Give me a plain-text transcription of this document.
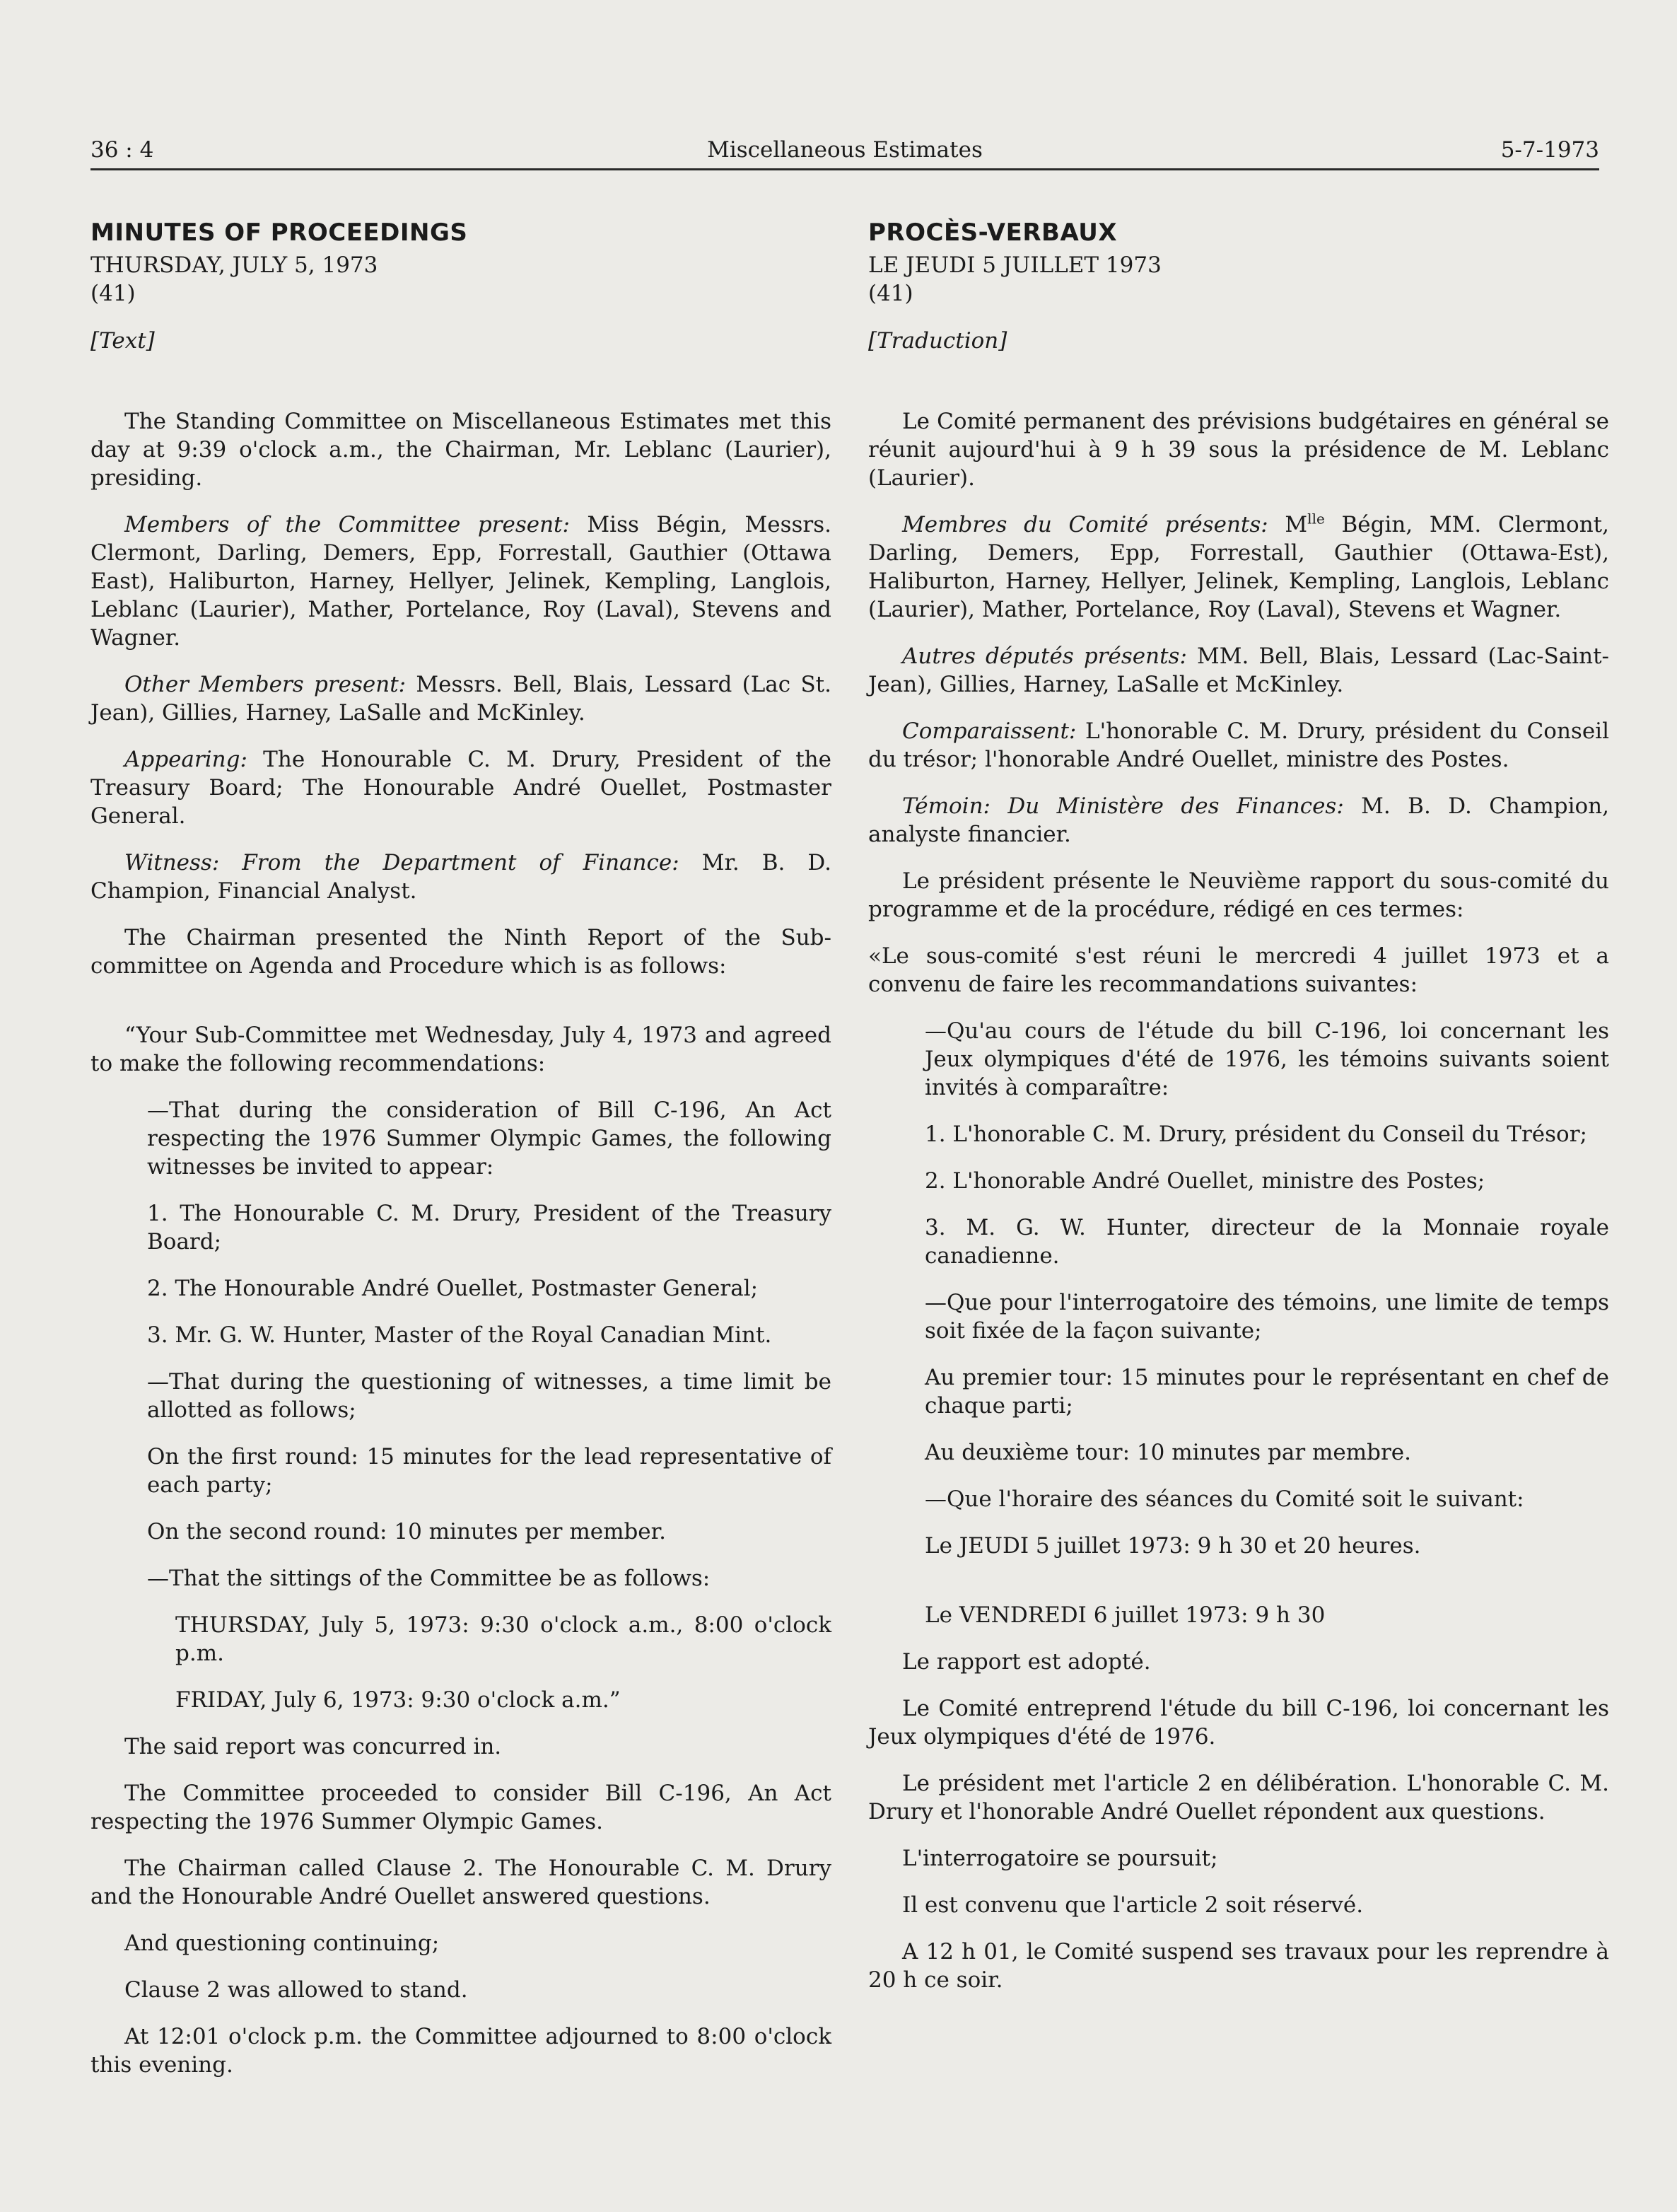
36 : 4	Miscellaneous Estimates	5-7-1973
MINUTES OF PROCEEDINGS
THURSDAY, JULY 5, 1973
(41)
[Text]

The Standing Committee on Miscellaneous Estimates met this day at 9:39 o'clock a.m., the Chairman, Mr. Leblanc (Laurier), presiding.

Members of the Committee present: Miss Bégin, Messrs. Clermont, Darling, Demers, Epp, Forrestall, Gauthier (Ottawa East), Haliburton, Harney, Hellyer, Jelinek, Kempling, Langlois, Leblanc (Laurier), Mather, Portelance, Roy (Laval), Stevens and Wagner.

Other Members present: Messrs. Bell, Blais, Lessard (Lac St. Jean), Gillies, Harney, LaSalle and McKinley.

Appearing: The Honourable C. M. Drury, President of the Treasury Board; The Honourable André Ouellet, Postmaster General.

Witness: From the Department of Finance: Mr. B. D. Champion, Financial Analyst.

The Chairman presented the Ninth Report of the Sub-committee on Agenda and Procedure which is as follows:

“Your Sub-Committee met Wednesday, July 4, 1973 and agreed to make the following recommendations:

—That during the consideration of Bill C-196, An Act respecting the 1976 Summer Olympic Games, the following witnesses be invited to appear:

1. The Honourable C. M. Drury, President of the Treasury Board;

2. The Honourable André Ouellet, Postmaster General;

3. Mr. G. W. Hunter, Master of the Royal Canadian Mint.

—That during the questioning of witnesses, a time limit be allotted as follows;

On the first round: 15 minutes for the lead representative of each party;

On the second round: 10 minutes per member.

—That the sittings of the Committee be as follows:

THURSDAY, July 5, 1973: 9:30 o'clock a.m., 8:00 o'clock p.m.

FRIDAY, July 6, 1973: 9:30 o'clock a.m.”

The said report was concurred in.

The Committee proceeded to consider Bill C-196, An Act respecting the 1976 Summer Olympic Games.

The Chairman called Clause 2. The Honourable C. M. Drury and the Honourable André Ouellet answered questions.

And questioning continuing;

Clause 2 was allowed to stand.

At 12:01 o'clock p.m. the Committee adjourned to 8:00 o'clock this evening.

PROCÈS-VERBAUX
LE JEUDI 5 JUILLET 1973
(41)
[Traduction]

Le Comité permanent des prévisions budgétaires en général se réunit aujourd'hui à 9 h 39 sous la présidence de M. Leblanc (Laurier).

Membres du Comité présents: $M^{lle}$ Bégin, MM. Clermont, Darling, Demers, Epp, Forrestall, Gauthier (Ottawa-Est), Haliburton, Harney, Hellyer, Jelinek, Kempling, Langlois, Leblanc (Laurier), Mather, Portelance, Roy (Laval), Stevens et Wagner.

Autres députés présents: MM. Bell, Blais, Lessard (Lac-Saint-Jean), Gillies, Harney, LaSalle et McKinley.

Comparaissent: L'honorable C. M. Drury, président du Conseil du trésor; l'honorable André Ouellet, ministre des Postes.

Témoin: Du Ministère des Finances: M. B. D. Champion, analyste financier.

Le président présente le Neuvième rapport du sous-comité du programme et de la procédure, rédigé en ces termes:

«Le sous-comité s'est réuni le mercredi 4 juillet 1973 et a convenu de faire les recommandations suivantes:

—Qu'au cours de l'étude du bill C-196, loi concernant les Jeux olympiques d'été de 1976, les témoins suivants soient invités à comparaître:

1. L'honorable C. M. Drury, président du Conseil du Trésor;

2. L'honorable André Ouellet, ministre des Postes;

3. M. G. W. Hunter, directeur de la Monnaie royale canadienne.

—Que pour l'interrogatoire des témoins, une limite de temps soit fixée de la façon suivante;

Au premier tour: 15 minutes pour le représentant en chef de chaque parti;

Au deuxième tour: 10 minutes par membre.

—Que l'horaire des séances du Comité soit le suivant:

Le JEUDI 5 juillet 1973: 9 h 30 et 20 heures.

Le VENDREDI 6 juillet 1973: 9 h 30

Le rapport est adopté.

Le Comité entreprend l'étude du bill C-196, loi concernant les Jeux olympiques d'été de 1976.

Le président met l'article 2 en délibération. L'honorable C. M. Drury et l'honorable André Ouellet répondent aux questions.

L'interrogatoire se poursuit;

Il est convenu que l'article 2 soit réservé.

A 12 h 01, le Comité suspend ses travaux pour les reprendre à 20 h ce soir.
